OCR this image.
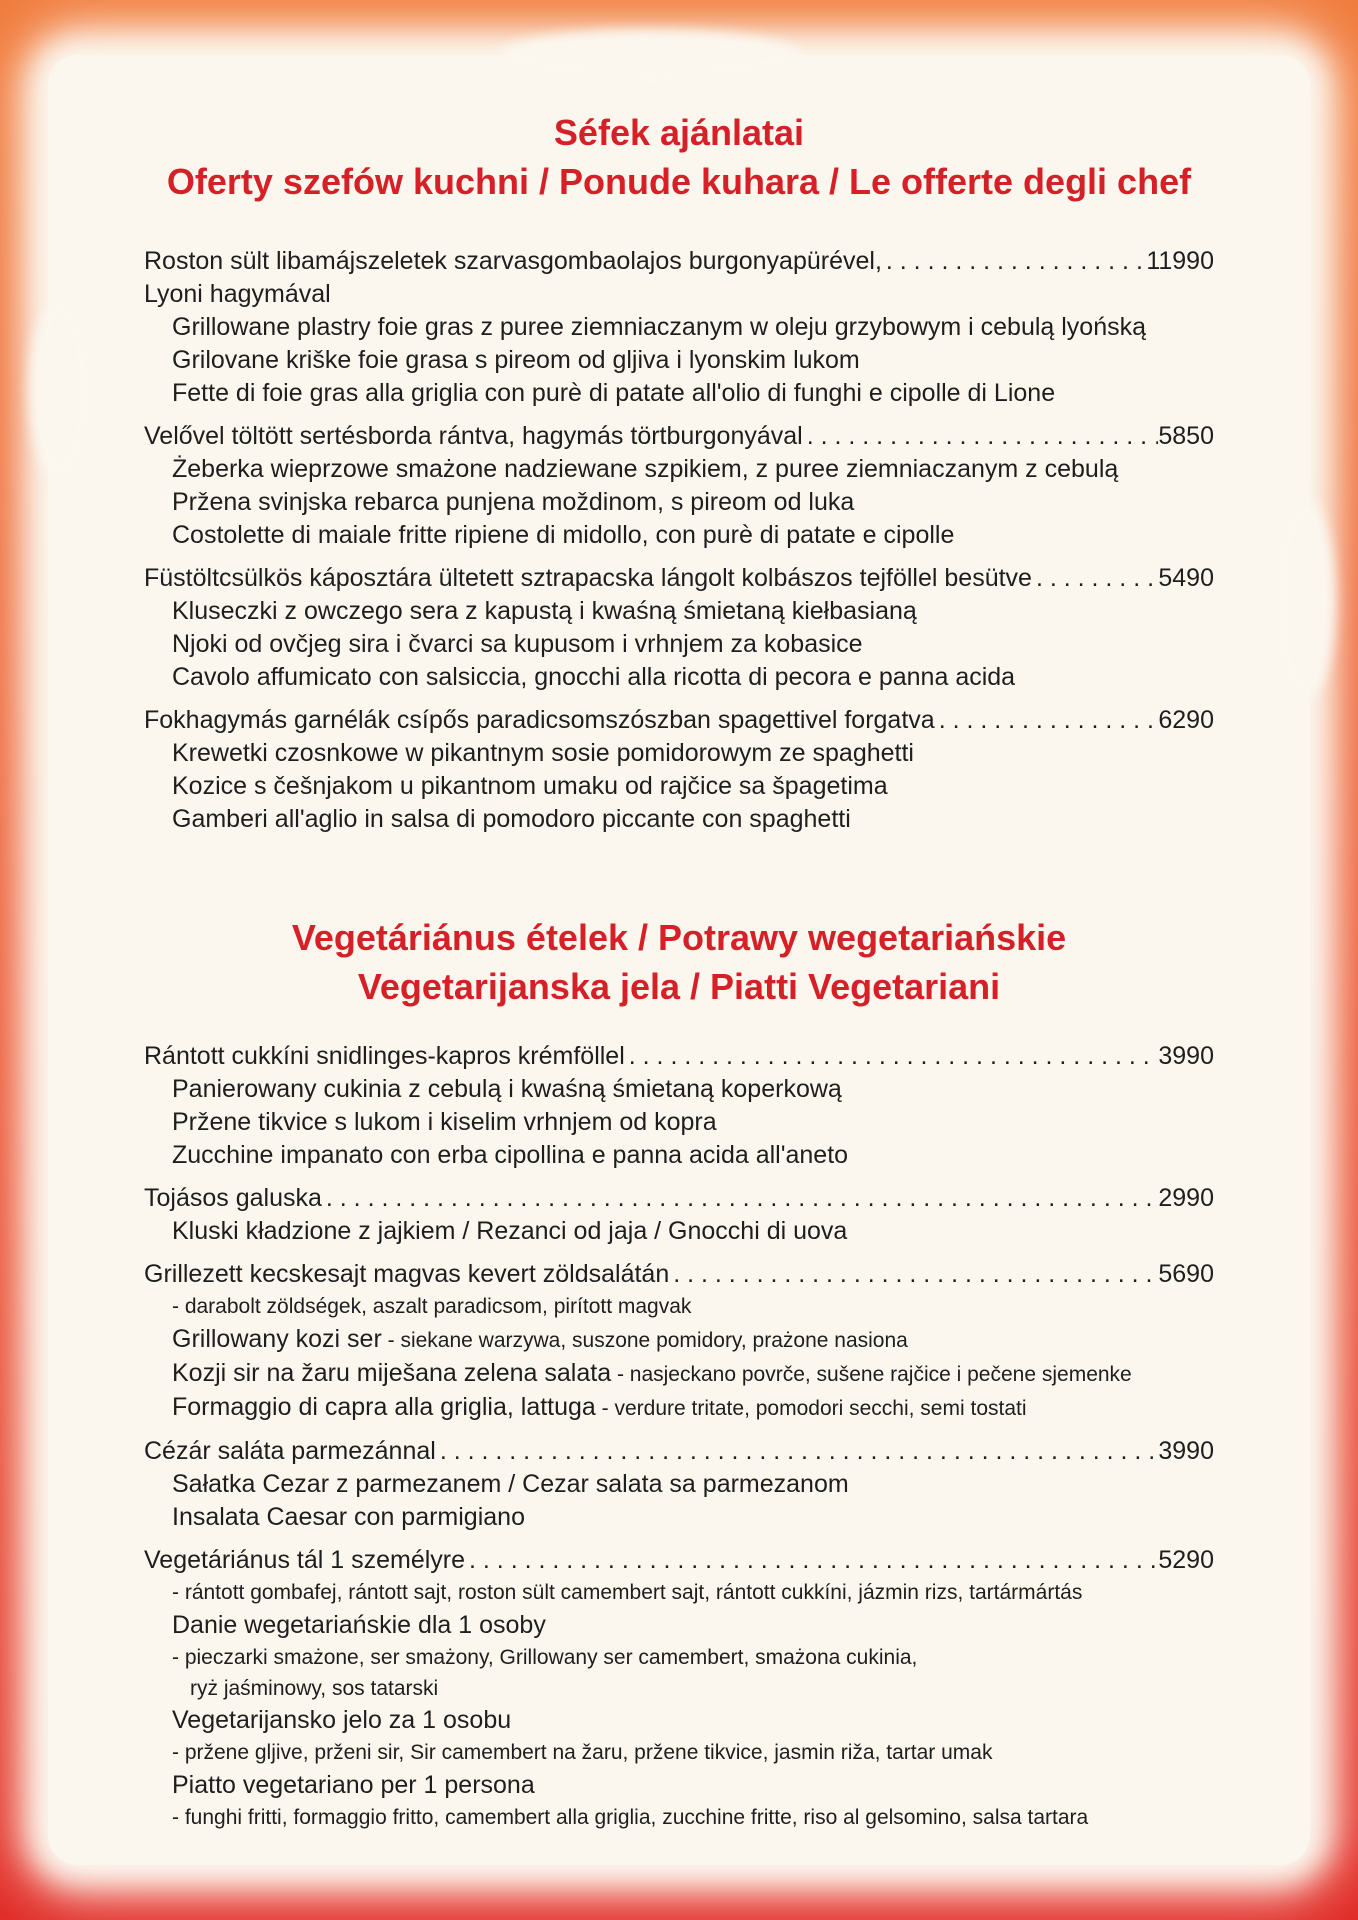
Séfek ajánlatai
Oferty szefów kuchni / Ponude kuhara / Le offerte degli chef
Roston sült libamájszeletek szarvasgombaolajos burgonyapürével, . . .	11990
Lyoni hagymával
Grillowane plastry foie gras z puree ziemniaczanym w oleju grzybowym i cebulą lyońską
Grilovane kriške foie grasa s pireom od gljiva i lyonskim lukom
Fette di foie gras alla griglia con purè di patate all'olio di funghi e cipolle di Lione
Velővel töltött sertésborda rántva, hagymás törtburgonyával . . .	5850
Żeberka wieprzowe smażone nadziewane szpikiem, z puree ziemniaczanym z cebulą
Pržena svinjska rebarca punjena moždinom, s pireom od luka
Costolette di maiale fritte ripiene di midollo, con purè di patate e cipolle
Füstöltcsülkös káposztára ültetett sztrapacska lángolt kolbászos tejföllel besütve . . .	5490
Kluseczki z owczego sera z kapustą i kwaśną śmietaną kiełbasianą
Njoki od ovčjeg sira i čvarci sa kupusom i vrhnjem za kobasice
Cavolo affumicato con salsiccia, gnocchi alla ricotta di pecora e panna acida
Fokhagymás garnélák csípős paradicsomszószban spagettivel forgatva . . .	6290
Krewetki czosnkowe w pikantnym sosie pomidorowym ze spaghetti
Kozice s češnjakom u pikantnom umaku od rajčice sa špagetima
Gamberi all'aglio in salsa di pomodoro piccante con spaghetti
Vegetáriánus ételek / Potrawy wegetariańskie
Vegetarijanska jela / Piatti Vegetariani
Rántott cukkíni snidlinges-kapros krémföllel . . .	3990
Panierowany cukinia z cebulą i kwaśną śmietaną koperkową
Pržene tikvice s lukom i kiselim vrhnjem od kopra
Zucchine impanato con erba cipollina e panna acida all'aneto
Tojásos galuska . . .	2990
Kluski kładzione z jajkiem / Rezanci od jaja / Gnocchi di uova
Grillezett kecskesajt magvas kevert zöldsalátán . . .	5690
- darabolt zöldségek, aszalt paradicsom, pirított magvak
Grillowany kozi ser - siekane warzywa, suszone pomidory, prażone nasiona
Kozji sir na žaru miješana zelena salata - nasjeckano povrče, sušene rajčice i pečene sjemenke
Formaggio di capra alla griglia, lattuga - verdure tritate, pomodori secchi, semi tostati
Cézár saláta parmezánnal . . .	3990
Sałatka Cezar z parmezanem / Cezar salata sa parmezanom
Insalata Caesar con parmigiano
Vegetáriánus tál 1 személyre . . .	5290
- rántott gombafej, rántott sajt, roston sült camembert sajt, rántott cukkíni, jázmin rizs, tartármártás
Danie wegetariańskie dla 1 osoby
- pieczarki smażone, ser smażony, Grillowany ser camembert, smażona cukinia,
ryż jaśminowy, sos tatarski
Vegetarijansko jelo za 1 osobu
- pržene gljive, prženi sir, Sir camembert na žaru, pržene tikvice, jasmin riža, tartar umak
Piatto vegetariano per 1 persona
- funghi fritti, formaggio fritto, camembert alla griglia, zucchine fritte, riso al gelsomino, salsa tartara
